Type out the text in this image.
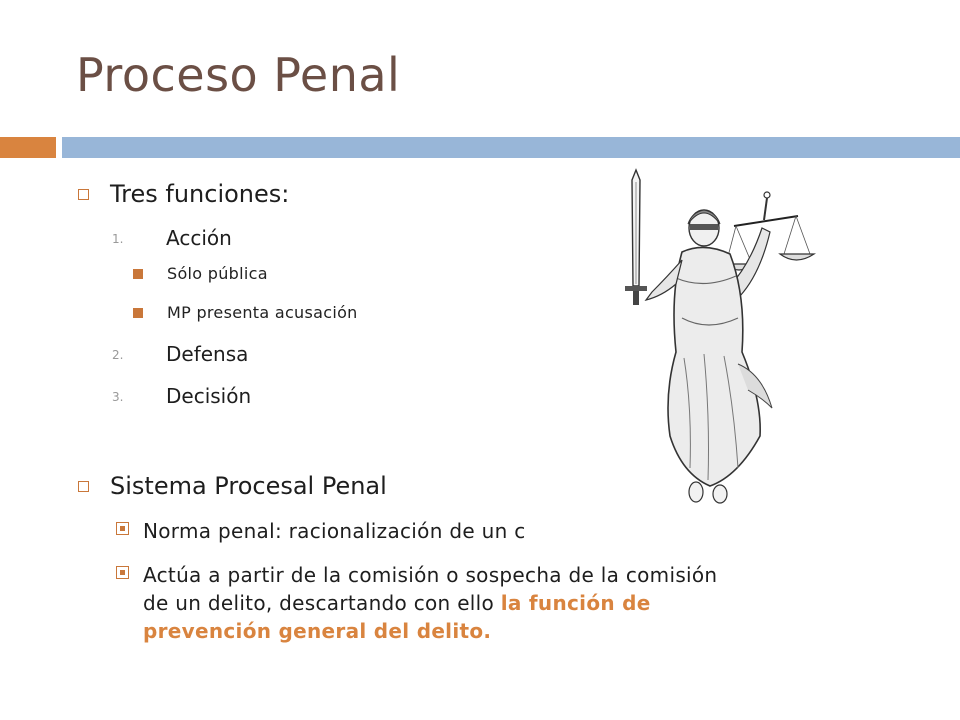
Proceso Penal
Tres funciones:
1. Acción
Sólo pública
MP presenta acusación
2. Defensa
3. Decisión
Sistema Procesal Penal
Norma penal: racionalización de un c
Actúa a partir de la comisión o sospecha de la comisión
de un delito, descartando con ello la función de
prevención general del delito.
